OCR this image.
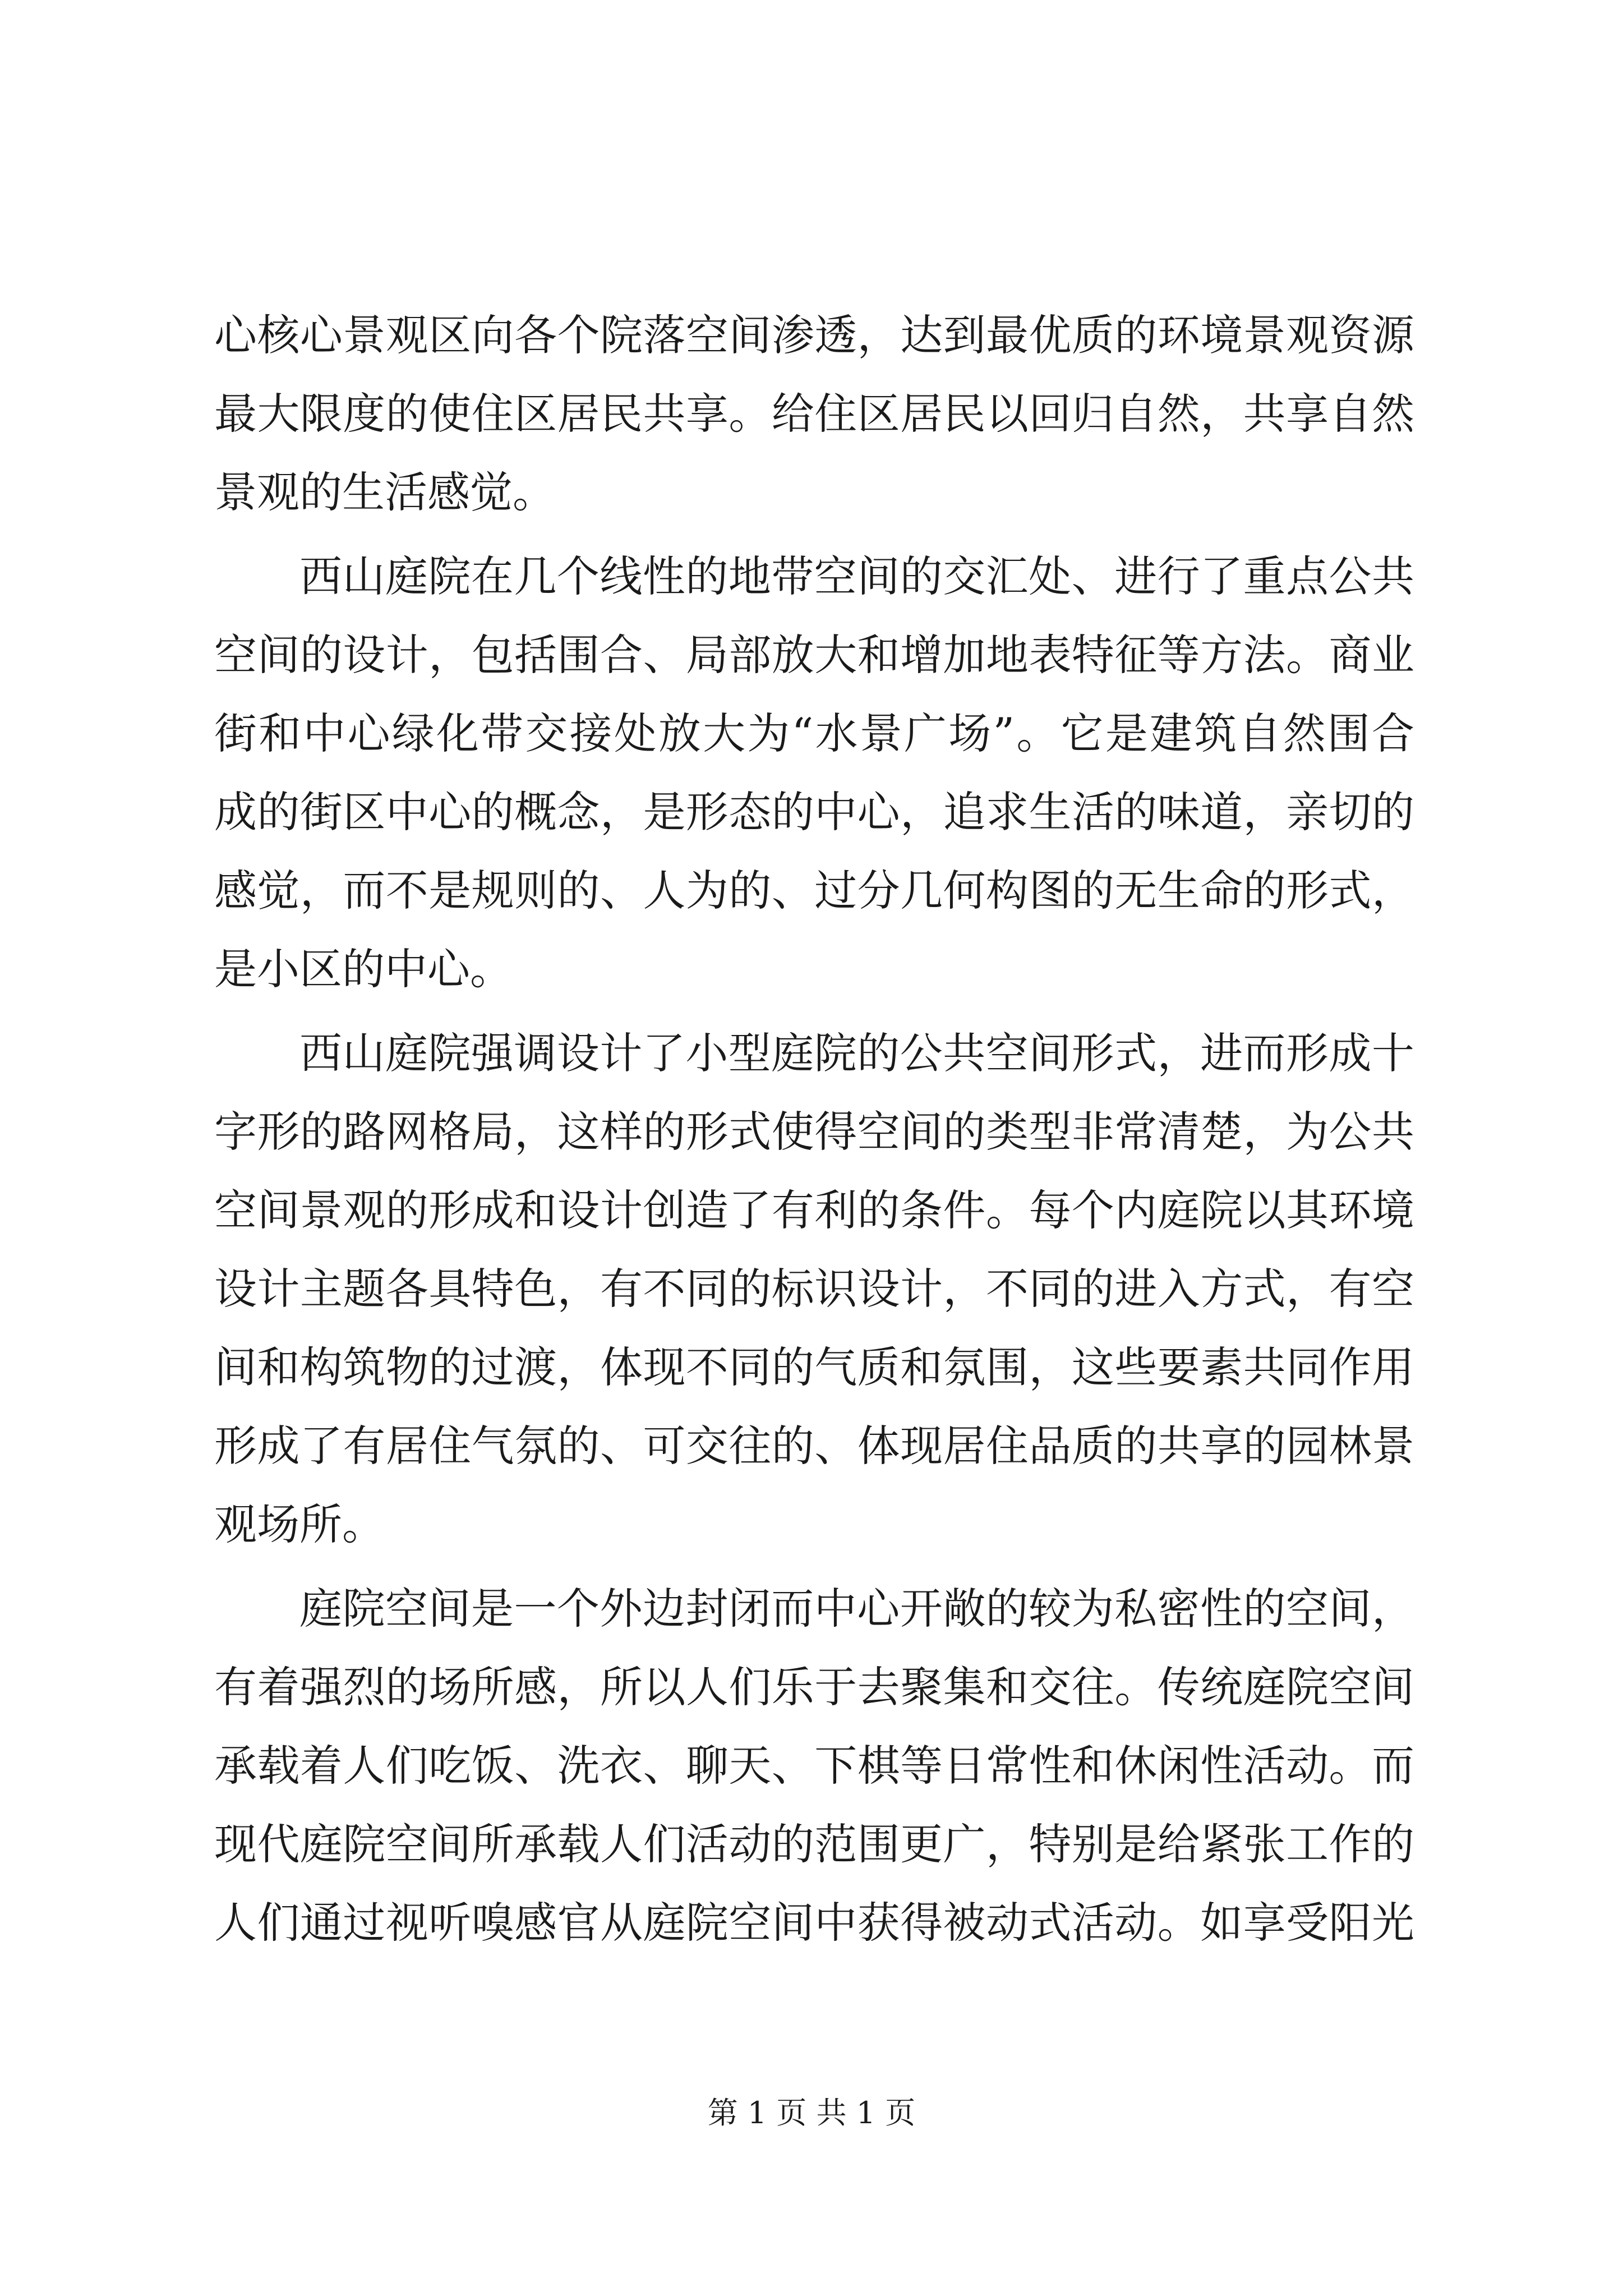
心核心景观区向各个院落空间渗透，达到最优质的环境景观资源
最大限度的使住区居民共享。给住区居民以回归自然，共享自然
景观的生活感觉。
西山庭院在几个线性的地带空间的交汇处、进行了重点公共
空间的设计，包括围合、局部放大和增加地表特征等方法。商业
街和中心绿化带交接处放大为“水景广场”。它是建筑自然围合
成的街区中心的概念，是形态的中心，追求生活的味道，亲切的
感觉，而不是规则的、人为的、过分几何构图的无生命的形式，
是小区的中心。
西山庭院强调设计了小型庭院的公共空间形式，进而形成十
字形的路网格局，这样的形式使得空间的类型非常清楚，为公共
空间景观的形成和设计创造了有利的条件。每个内庭院以其环境
设计主题各具特色，有不同的标识设计，不同的进入方式，有空
间和构筑物的过渡，体现不同的气质和氛围，这些要素共同作用
形成了有居住气氛的、可交往的、体现居住品质的共享的园林景
观场所。
庭院空间是一个外边封闭而中心开敞的较为私密性的空间，
有着强烈的场所感，所以人们乐于去聚集和交往。传统庭院空间
承载着人们吃饭、洗衣、聊天、下棋等日常性和休闲性活动。而
现代庭院空间所承载人们活动的范围更广，特别是给紧张工作的
人们通过视听嗅感官从庭院空间中获得被动式活动。如享受阳光
第 1 页 共 1 页
